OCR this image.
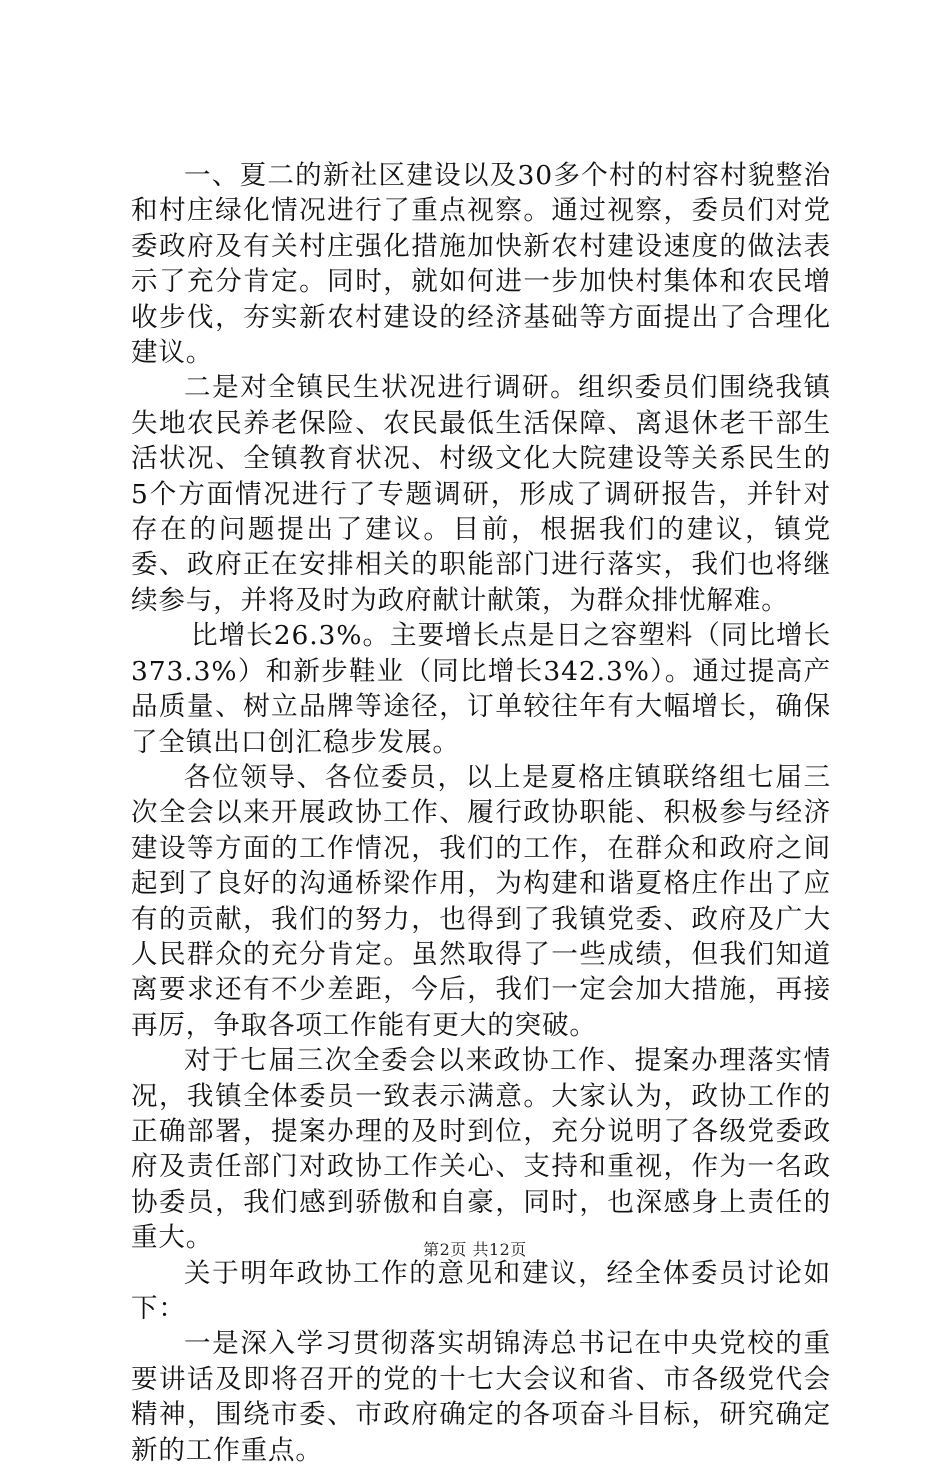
一、夏二的新社区建设以及30多个村的村容村貌整治和村庄绿化情况进行了重点视察。通过视察，委员们对党委政府及有关村庄强化措施加快新农村建设速度的做法表示了充分肯定。同时，就如何进一步加快村集体和农民增收步伐，夯实新农村建设的经济基础等方面提出了合理化建议。

二是对全镇民生状况进行调研。组织委员们围绕我镇失地农民养老保险、农民最低生活保障、离退休老干部生活状况、全镇教育状况、村级文化大院建设等关系民生的5个方面情况进行了专题调研，形成了调研报告，并针对存在的问题提出了建议。目前，根据我们的建议，镇党委、政府正在安排相关的职能部门进行落实，我们也将继续参与，并将及时为政府献计献策，为群众排忧解难。

比增长26.3%。主要增长点是日之容塑料（同比增长373.3%）和新步鞋业（同比增长342.3%）。通过提高产品质量、树立品牌等途径，订单较往年有大幅增长，确保了全镇出口创汇稳步发展。

各位领导、各位委员，以上是夏格庄镇联络组七届三次全会以来开展政协工作、履行政协职能、积极参与经济建设等方面的工作情况，我们的工作，在群众和政府之间起到了良好的沟通桥梁作用，为构建和谐夏格庄作出了应有的贡献，我们的努力，也得到了我镇党委、政府及广大人民群众的充分肯定。虽然取得了一些成绩，但我们知道离要求还有不少差距，今后，我们一定会加大措施，再接再厉，争取各项工作能有更大的突破。

对于七届三次全委会以来政协工作、提案办理落实情况，我镇全体委员一致表示满意。大家认为，政协工作的正确部署，提案办理的及时到位，充分说明了各级党委政府及责任部门对政协工作关心、支持和重视，作为一名政协委员，我们感到骄傲和自豪，同时，也深感身上责任的重大。

关于明年政协工作的意见和建议，经全体委员讨论如下：

一是深入学习贯彻落实胡锦涛总书记在中央党校的重要讲话及即将召开的党的十七大会议和省、市各级党代会精神，围绕市委、市政府确定的各项奋斗目标，研究确定新的工作重点。

第2页 共12页
